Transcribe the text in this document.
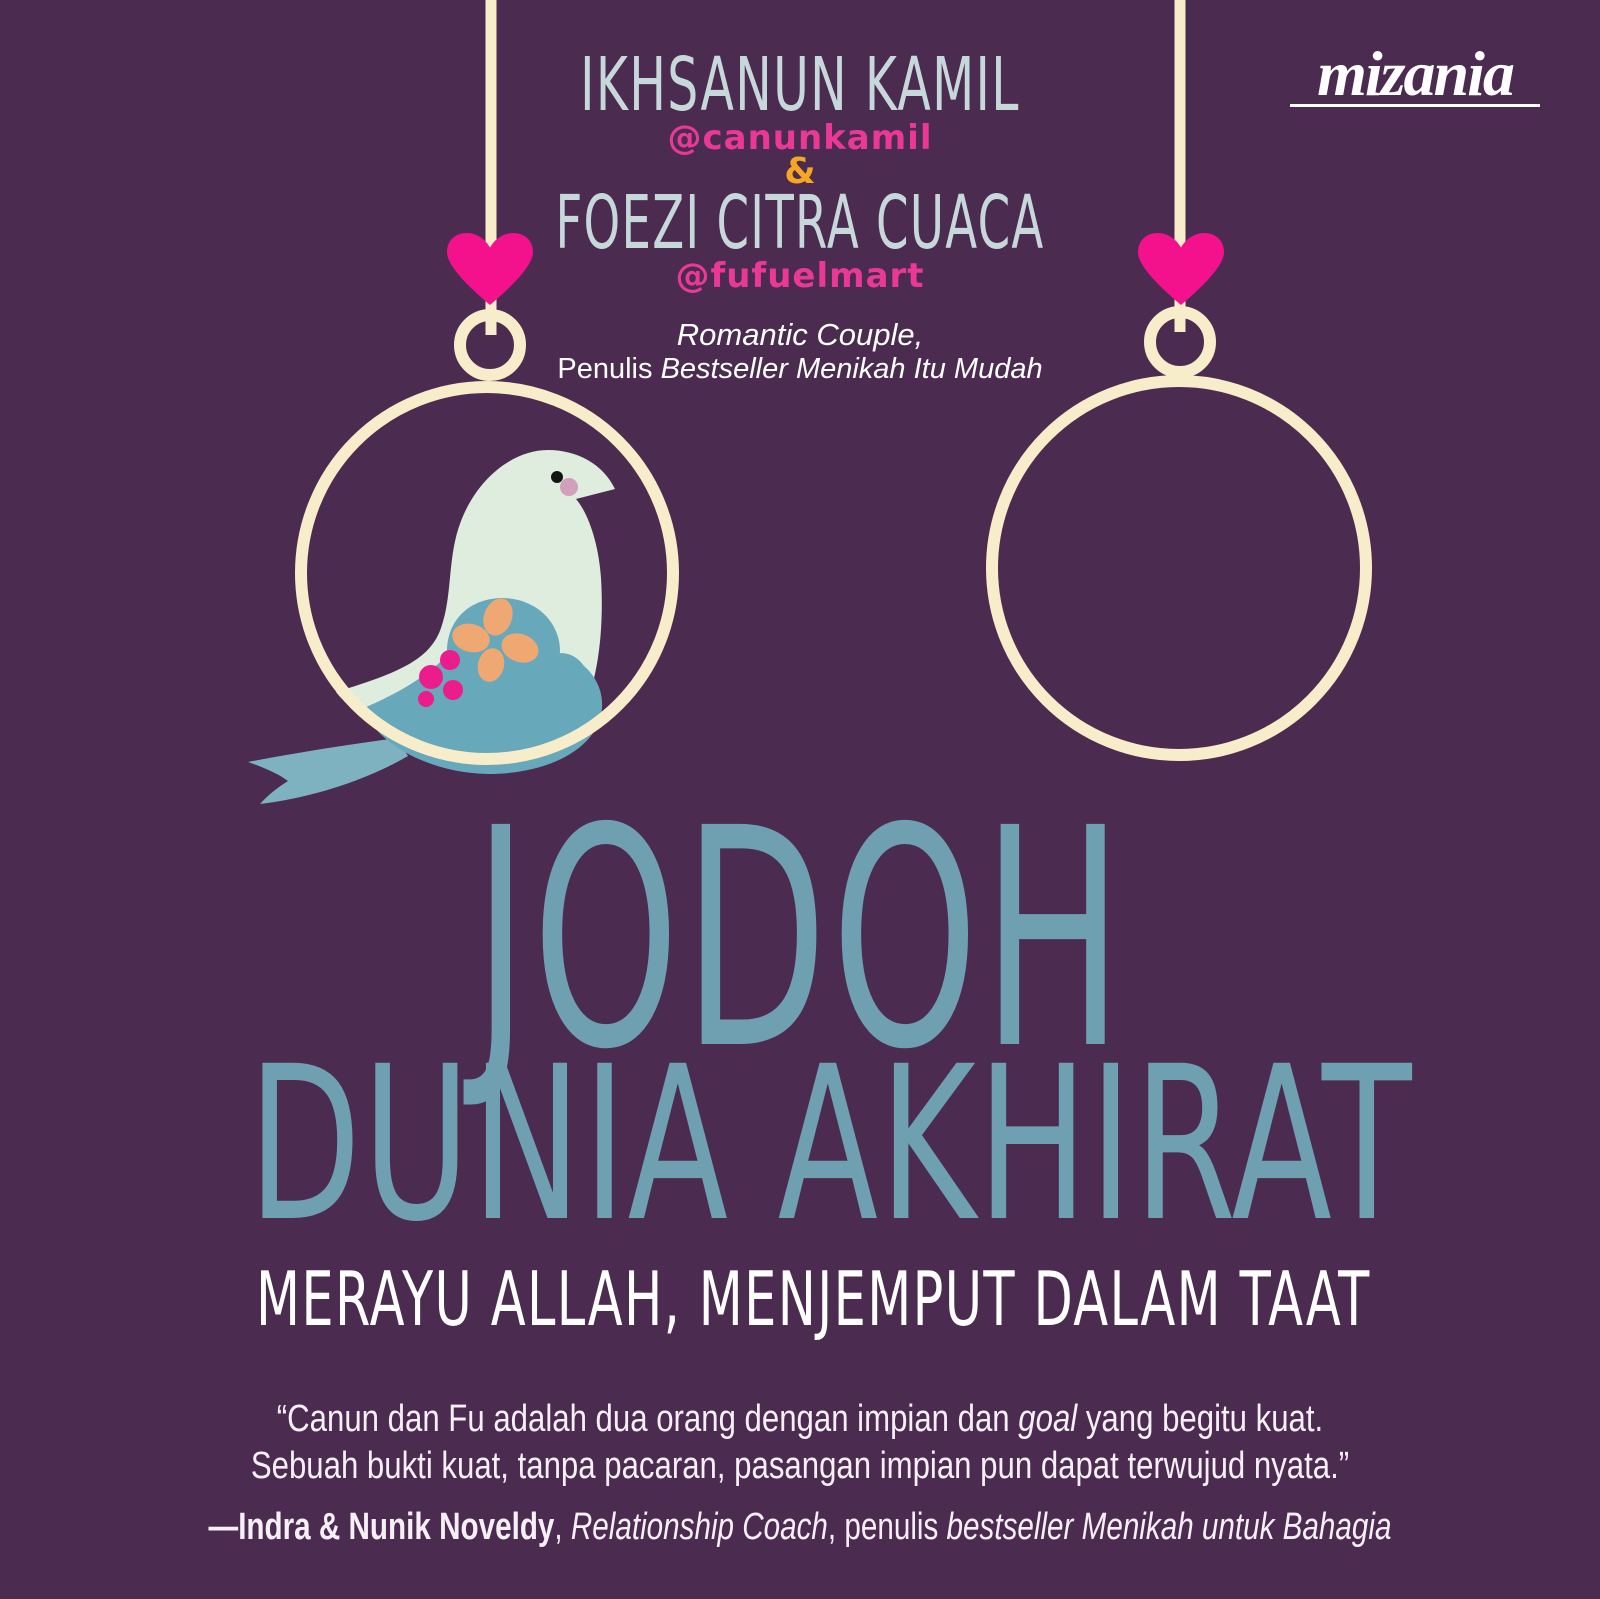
mizania
IKHSANUN KAMIL
@canunkamil
&
FOEZI CITRA CUACA
@fufuelmart
Romantic Couple,
Penulis Bestseller Menikah Itu Mudah
JODOH
DUNIA AKHIRAT
MERAYU ALLAH, MENJEMPUT DALAM TAAT
“Canun dan Fu adalah dua orang dengan impian dan goal yang begitu kuat.
Sebuah bukti kuat, tanpa pacaran, pasangan impian pun dapat terwujud nyata.”
—Indra & Nunik Noveldy, Relationship Coach, penulis bestseller Menikah untuk Bahagia
